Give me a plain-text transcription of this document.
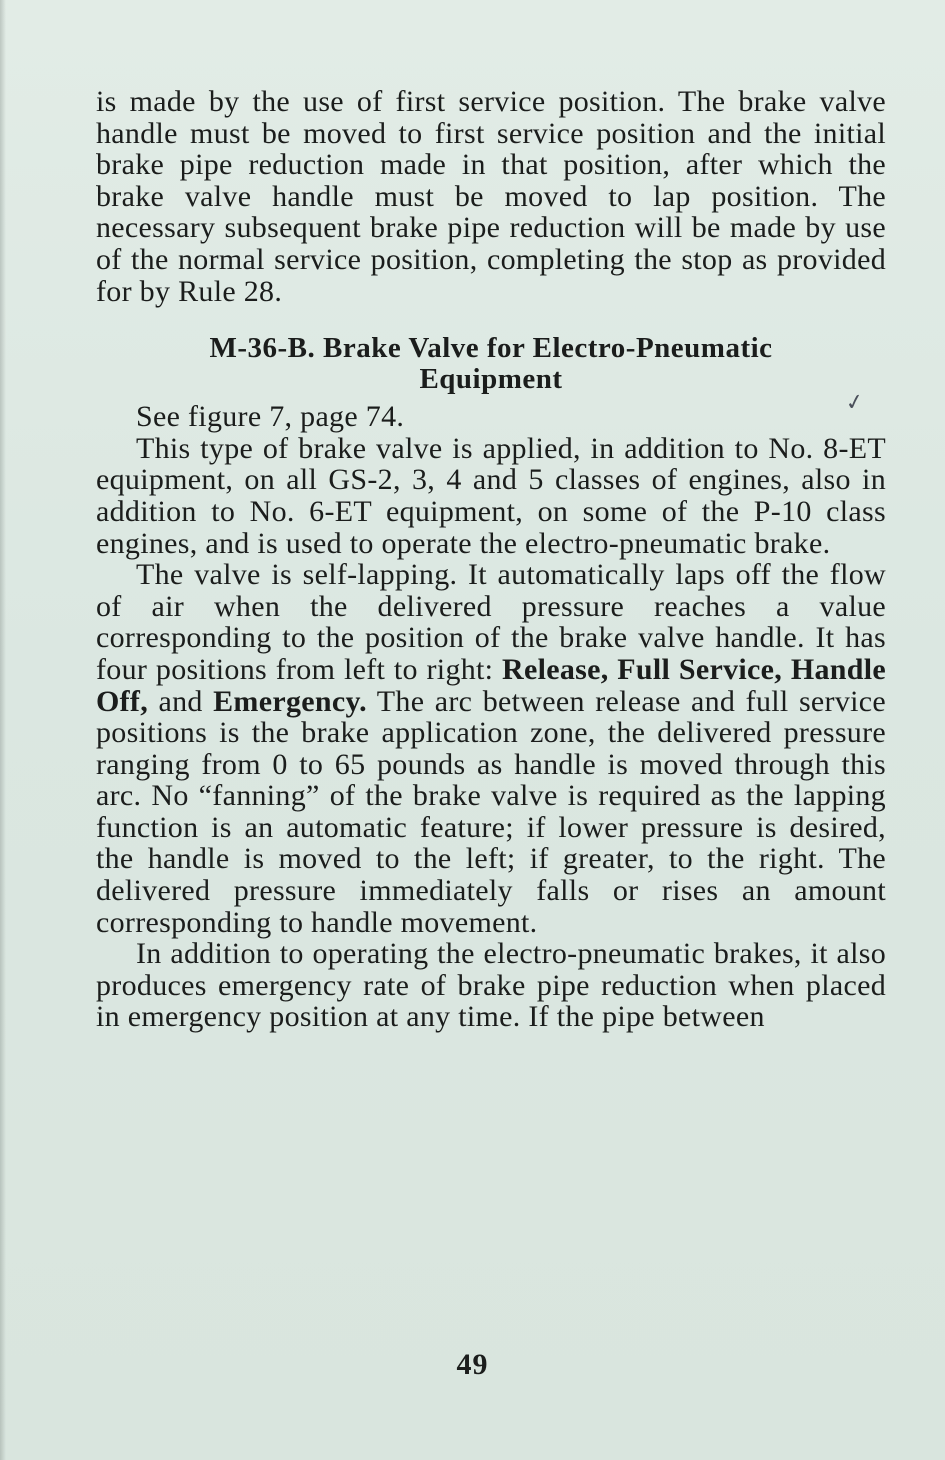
is made by the use of first service position. The brake valve handle must be moved to first service position and the initial brake pipe reduction made in that position, after which the brake valve handle must be moved to lap position. The necessary subsequent brake pipe reduction will be made by use of the normal service position, completing the stop as provided for by Rule 28.

M-36-B. Brake Valve for Electro-Pneumatic
Equipment

See figure 7, page 74.	✓

This type of brake valve is applied, in addition to No. 8-ET equipment, on all GS-2, 3, 4 and 5 classes of engines, also in addition to No. 6-ET equipment, on some of the P-10 class engines, and is used to operate the electro-pneumatic brake.

The valve is self-lapping. It automatically laps off the flow of air when the delivered pressure reaches a value corresponding to the position of the brake valve handle. It has four positions from left to right: Release, Full Service, Handle Off, and Emergency. The arc between release and full service positions is the brake application zone, the delivered pressure ranging from 0 to 65 pounds as handle is moved through this arc. No “fanning” of the brake valve is required as the lapping function is an automatic feature; if lower pressure is desired, the handle is moved to the left; if greater, to the right. The delivered pressure immediately falls or rises an amount corresponding to handle movement.

In addition to operating the electro-pneumatic brakes, it also produces emergency rate of brake pipe reduction when placed in emergency position at any time. If the pipe between

49
